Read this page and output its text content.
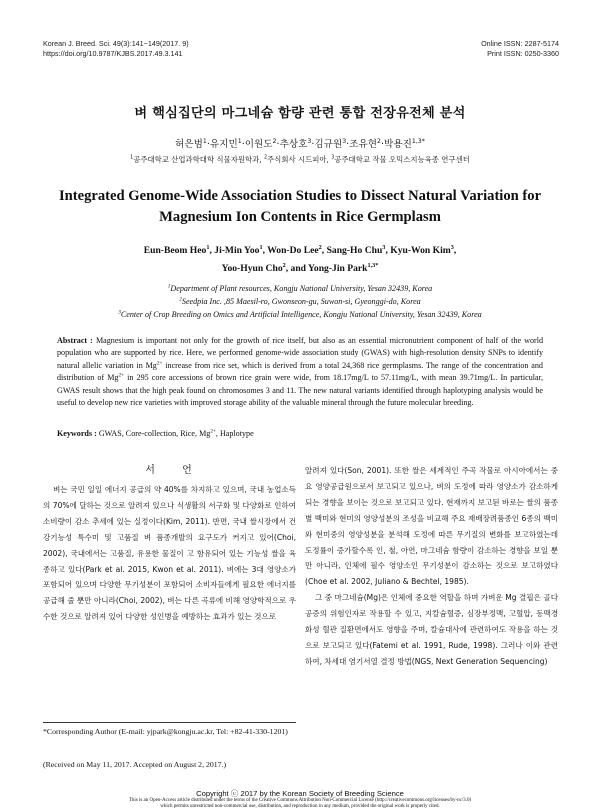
Korean J. Breed. Sci. 49(3):141~149(2017. 9)
https://doi.org/10.9787/KJBS.2017.49.3.141
Online ISSN: 2287-5174
Print ISSN: 0250-3360
벼 핵심집단의 마그네슘 함량 관련 통합 전장유전체 분석
허은범$^1$·유지민$^1$·이원도$^2$·추상호$^3$·김규원$^3$·조유현$^2$·박용진$^{1,3*}$
$^1$공주대학교 산업과학대학 식물자원학과, $^2$주식회사 시드피아, $^3$공주대학교 작물 오믹스지능육종 연구센터
Integrated Genome-Wide Association Studies to Dissect Natural Variation for
Magnesium Ion Contents in Rice Germplasm
Eun-Beom Heo$^1$, Ji-Min Yoo$^1$, Won-Do Lee$^2$, Sang-Ho Chu$^3$, Kyu-Won Kim$^3$,
Yoo-Hyun Cho$^2$, and Yong-Jin Park$^{1,3*}$
$^1$Department of Plant resources, Kongju National University, Yesan 32439, Korea
$^2$Seedpia Inc. ,85 Maesil-ro, Gwonseon-gu, Suwon-si, Gyeonggi-do, Korea
$^3$Center of Crop Breeding on Omics and Artificial Intelligence, Kongju National University, Yesan 32439, Korea
Abstract : Magnesium is important not only for the growth of rice itself, but also as an essential micronutrient component of half of the world population who are supported by rice. Here, we performed genome-wide association study (GWAS) with high-resolution density SNPs to identify natural allelic variation in $Mg^{2+}$ increase from rice set, which is derived from a total 24,368 rice germplasms. The range of the concentration and distribution of $Mg^{2+}$ in 295 core accessions of brown rice grain were wide, from 18.17mg/L to 57.11mg/L, with mean 39.71mg/L. In particular, GWAS result shows that the high peak found on chromosomes 3 and 11. The new natural variants identified through haplotyping analysis would be useful to develop new rice varieties with improved storage ability of the valuable mineral through the future molecular breeding.
Keywords : GWAS, Core-collection, Rice, $Mg^{2+}$, Haplotype
서 언

벼는 국민 일일 에너지 공급의 약 40%를 차지하고 있으며, 국내 농업소득의 70%에 달하는 것으로 알려져 있으나 식생활의 서구화 및 다양화로 인하여 소비량이 감소 추세에 있는 실정이다(Kim, 2011). 반면, 국내 쌀시장에서 건강기능성 특수미 및 고품질 벼 품종개발의 요구도가 커지고 있어(Choi, 2002), 국내에서는 고품질, 유용한 물질이 고 함유되어 있는 기능성 쌀을 육종하고 있다(Park et al. 2015, Kwon et al. 2011). 벼에는 3대 영양소가 포함되어 있으며 다양한 무기성분이 포함되어 소비자들에게 필요한 에너지를 공급해 줄 뿐만 아니라(Choi, 2002), 벼는 다른 곡류에 비해 영양학적으로 우수한 것으로 알려져 있어 다양한 성인병을 예방하는 효과가 있는 것으로

알려져 있다(Son, 2001). 또한 쌀은 세계적인 주곡 작물로 아시아에서는 중요 영양공급원으로서 보고되고 있으나, 벼의 도정에 따라 영양소가 감소하게 되는 경향을 보이는 것으로 보고되고 있다. 현재까지 보고된 바로는 쌀의 품종 별 백미와 현미의 영양성분의 조성을 비교해 주요 재배장려품종인 6종의 백미와 현미중의 영양성분을 분석해 도정에 따른 무기질의 변화를 보고하였는데 도정률이 증가할수록 인, 철, 아연, 마그네슘 함량이 감소하는 경향을 보일 뿐만 아니라, 인체에 필수 영양소인 무기성분이 감소하는 것으로 보고하였다(Choe et al. 2002, Juliano & Bechtel, 1985).

그 중 마그네슘(Mg)은 인체에 중요한 역할을 하며 가벼운 Mg 결핍은 골다공증의 위험인자로 작용할 수 있고, 지칼슘혈증, 심장부정맥, 고혈압, 동맥경화성 혈관 질환면에서도 영향을 주며, 칼슘대사에 관련하여도 작용을 하는 것으로 보고되고 있다(Fatemi et al. 1991, Rude, 1998). 그러나 이와 관련하여, 차세대 염기서열 결정 방법(NGS, Next Generation Sequencing)

*Corresponding Author (E-mail: yjpark@kongju.ac.kr, Tel: +82-41-330-1201)
(Received on May 11, 2017. Accepted on August 2, 2017.)
Copyright ⓒ 2017 by the Korean Society of Breeding Science
This is an Open-Access article distributed under the terms of the Creative Commons Attribution Non-Commercial License (http://creativecommons.org/licenses/by-nc/3.0)
which permits unrestricted non-commercial use, distribution, and reproduction in any medium, provided the original work is properly cited.
